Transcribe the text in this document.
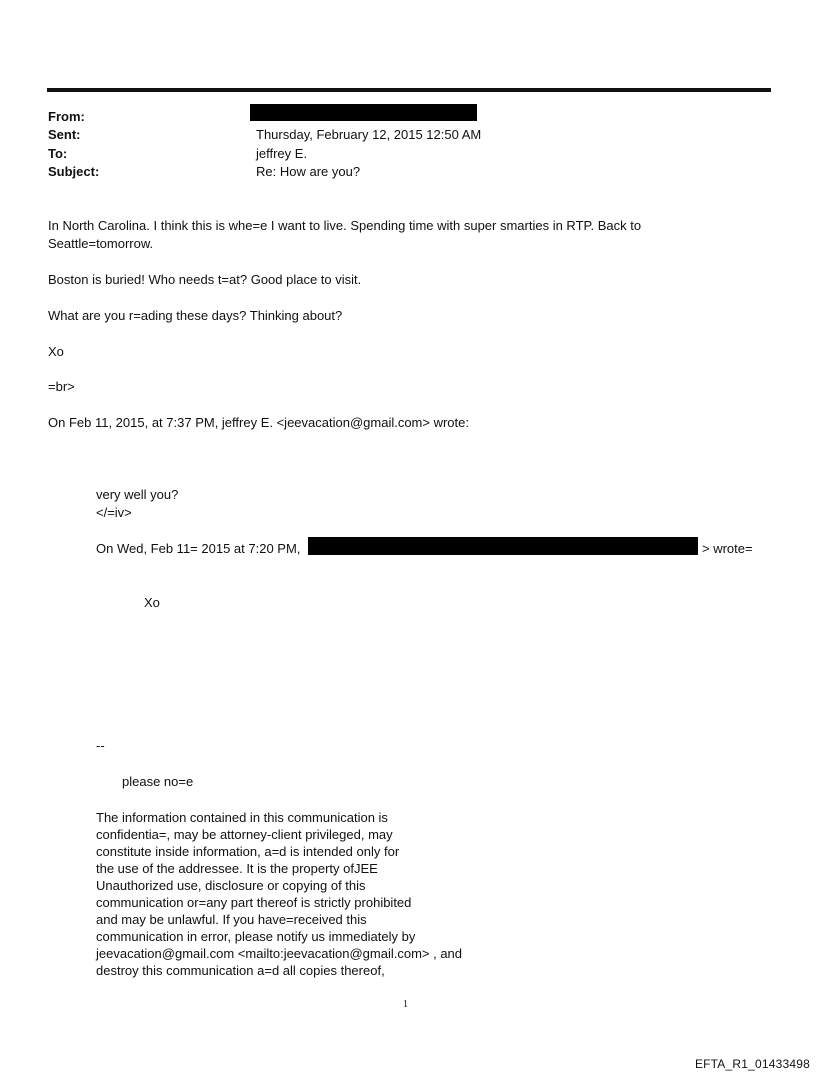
From:
Sent:	Thursday, February 12, 2015 12:50 AM
To:	jeffrey E.
Subject:	Re: How are you?
In North Carolina. I think this is whe=e I want to live. Spending time with super smarties in RTP. Back to
Seattle=tomorrow.
Boston is buried! Who needs t=at? Good place to visit.
What are you r=ading these days? Thinking about?
Xo
=br>
On Feb 11, 2015, at 7:37 PM, jeffrey E. <jeevacation@gmail.com> wrote:
very well you?
</=iv>
On Wed, Feb 11= 2015 at 7:20 PM,	> wrote=
Xo
--
please no=e
The information contained in this communication is
confidentia=, may be attorney-client privileged, may
constitute inside information, a=d is intended only for
the use of the addressee. It is the property ofJEE
Unauthorized use, disclosure or copying of this
communication or=any part thereof is strictly prohibited
and may be unlawful. If you have=received this
communication in error, please notify us immediately by
jeevacation@gmail.com <mailto:jeevacation@gmail.com> , and
destroy this communication a=d all copies thereof,
1
EFTA_R1_01433498
